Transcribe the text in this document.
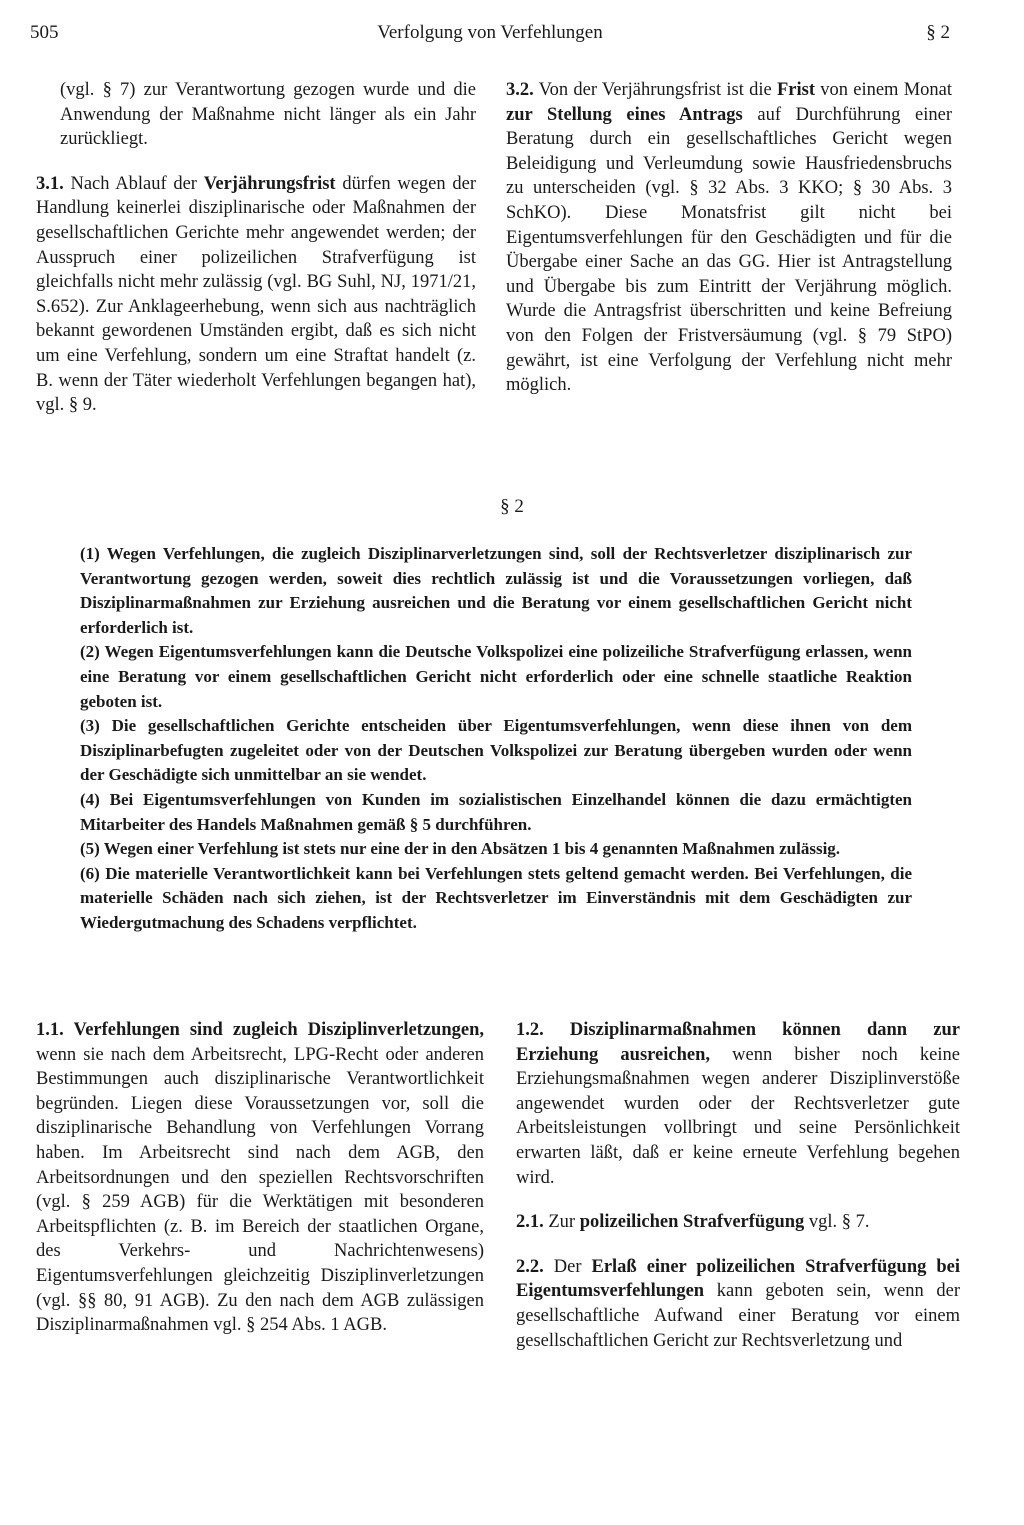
505	Verfolgung von Verfehlungen	§ 2

(vgl. § 7) zur Verantwortung gezogen wurde und die Anwendung der Maßnahme nicht länger als ein Jahr zurückliegt.

3.1. Nach Ablauf der Verjährungsfrist dürfen wegen der Handlung keinerlei disziplinarische oder Maßnahmen der gesellschaftlichen Gerichte mehr angewendet werden; der Ausspruch einer polizeilichen Strafverfügung ist gleichfalls nicht mehr zulässig (vgl. BG Suhl, NJ, 1971/21, S.652). Zur Anklageerhebung, wenn sich aus nachträglich bekannt gewordenen Umständen ergibt, daß es sich nicht um eine Verfehlung, sondern um eine Straftat handelt (z. B. wenn der Täter wiederholt Verfehlungen begangen hat), vgl. § 9.

3.2. Von der Verjährungsfrist ist die Frist von einem Monat zur Stellung eines Antrags auf Durchführung einer Beratung durch ein gesellschaftliches Gericht wegen Beleidigung und Verleumdung sowie Hausfriedensbruchs zu unterscheiden (vgl. § 32 Abs. 3 KKO; § 30 Abs. 3 SchKO). Diese Monatsfrist gilt nicht bei Eigentumsverfehlungen für den Geschädigten und für die Übergabe einer Sache an das GG. Hier ist Antragstellung und Übergabe bis zum Eintritt der Verjährung möglich. Wurde die Antragsfrist überschritten und keine Befreiung von den Folgen der Fristversäumung (vgl. § 79 StPO) gewährt, ist eine Verfolgung der Verfehlung nicht mehr möglich.

§ 2

(1) Wegen Verfehlungen, die zugleich Disziplinarverletzungen sind, soll der Rechtsverletzer disziplinarisch zur Verantwortung gezogen werden, soweit dies rechtlich zulässig ist und die Voraussetzungen vorliegen, daß Disziplinarmaßnahmen zur Erziehung ausreichen und die Beratung vor einem gesellschaftlichen Gericht nicht erforderlich ist.

(2) Wegen Eigentumsverfehlungen kann die Deutsche Volkspolizei eine polizeiliche Strafverfügung erlassen, wenn eine Beratung vor einem gesellschaftlichen Gericht nicht erforderlich oder eine schnelle staatliche Reaktion geboten ist.

(3) Die gesellschaftlichen Gerichte entscheiden über Eigentumsverfehlungen, wenn diese ihnen von dem Disziplinarbefugten zugeleitet oder von der Deutschen Volkspolizei zur Beratung übergeben wurden oder wenn der Geschädigte sich unmittelbar an sie wendet.

(4) Bei Eigentumsverfehlungen von Kunden im sozialistischen Einzelhandel können die dazu ermächtigten Mitarbeiter des Handels Maßnahmen gemäß § 5 durchführen.

(5) Wegen einer Verfehlung ist stets nur eine der in den Absätzen 1 bis 4 genannten Maßnahmen zulässig.

(6) Die materielle Verantwortlichkeit kann bei Verfehlungen stets geltend gemacht werden. Bei Verfehlungen, die materielle Schäden nach sich ziehen, ist der Rechtsverletzer im Einverständnis mit dem Geschädigten zur Wiedergutmachung des Schadens verpflichtet.

1.1. Verfehlungen sind zugleich Disziplinverletzungen, wenn sie nach dem Arbeitsrecht, LPG-Recht oder anderen Bestimmungen auch disziplinarische Verantwortlichkeit begründen. Liegen diese Voraussetzungen vor, soll die disziplinarische Behandlung von Verfehlungen Vorrang haben. Im Arbeitsrecht sind nach dem AGB, den Arbeitsordnungen und den speziellen Rechtsvorschriften (vgl. § 259 AGB) für die Werktätigen mit besonderen Arbeitspflichten (z. B. im Bereich der staatlichen Organe, des Verkehrs- und Nachrichtenwesens) Eigentumsverfehlungen gleichzeitig Disziplinverletzungen (vgl. §§ 80, 91 AGB). Zu den nach dem AGB zulässigen Disziplinarmaßnahmen vgl. § 254 Abs. 1 AGB.

1.2. Disziplinarmaßnahmen können dann zur Erziehung ausreichen, wenn bisher noch keine Erziehungsmaßnahmen wegen anderer Disziplinverstöße angewendet wurden oder der Rechtsverletzer gute Arbeitsleistungen vollbringt und seine Persönlichkeit erwarten läßt, daß er keine erneute Verfehlung begehen wird.

2.1. Zur polizeilichen Strafverfügung vgl. § 7.

2.2. Der Erlaß einer polizeilichen Strafverfügung bei Eigentumsverfehlungen kann geboten sein, wenn der gesellschaftliche Aufwand einer Beratung vor einem gesellschaftlichen Gericht zur Rechtsverletzung und
